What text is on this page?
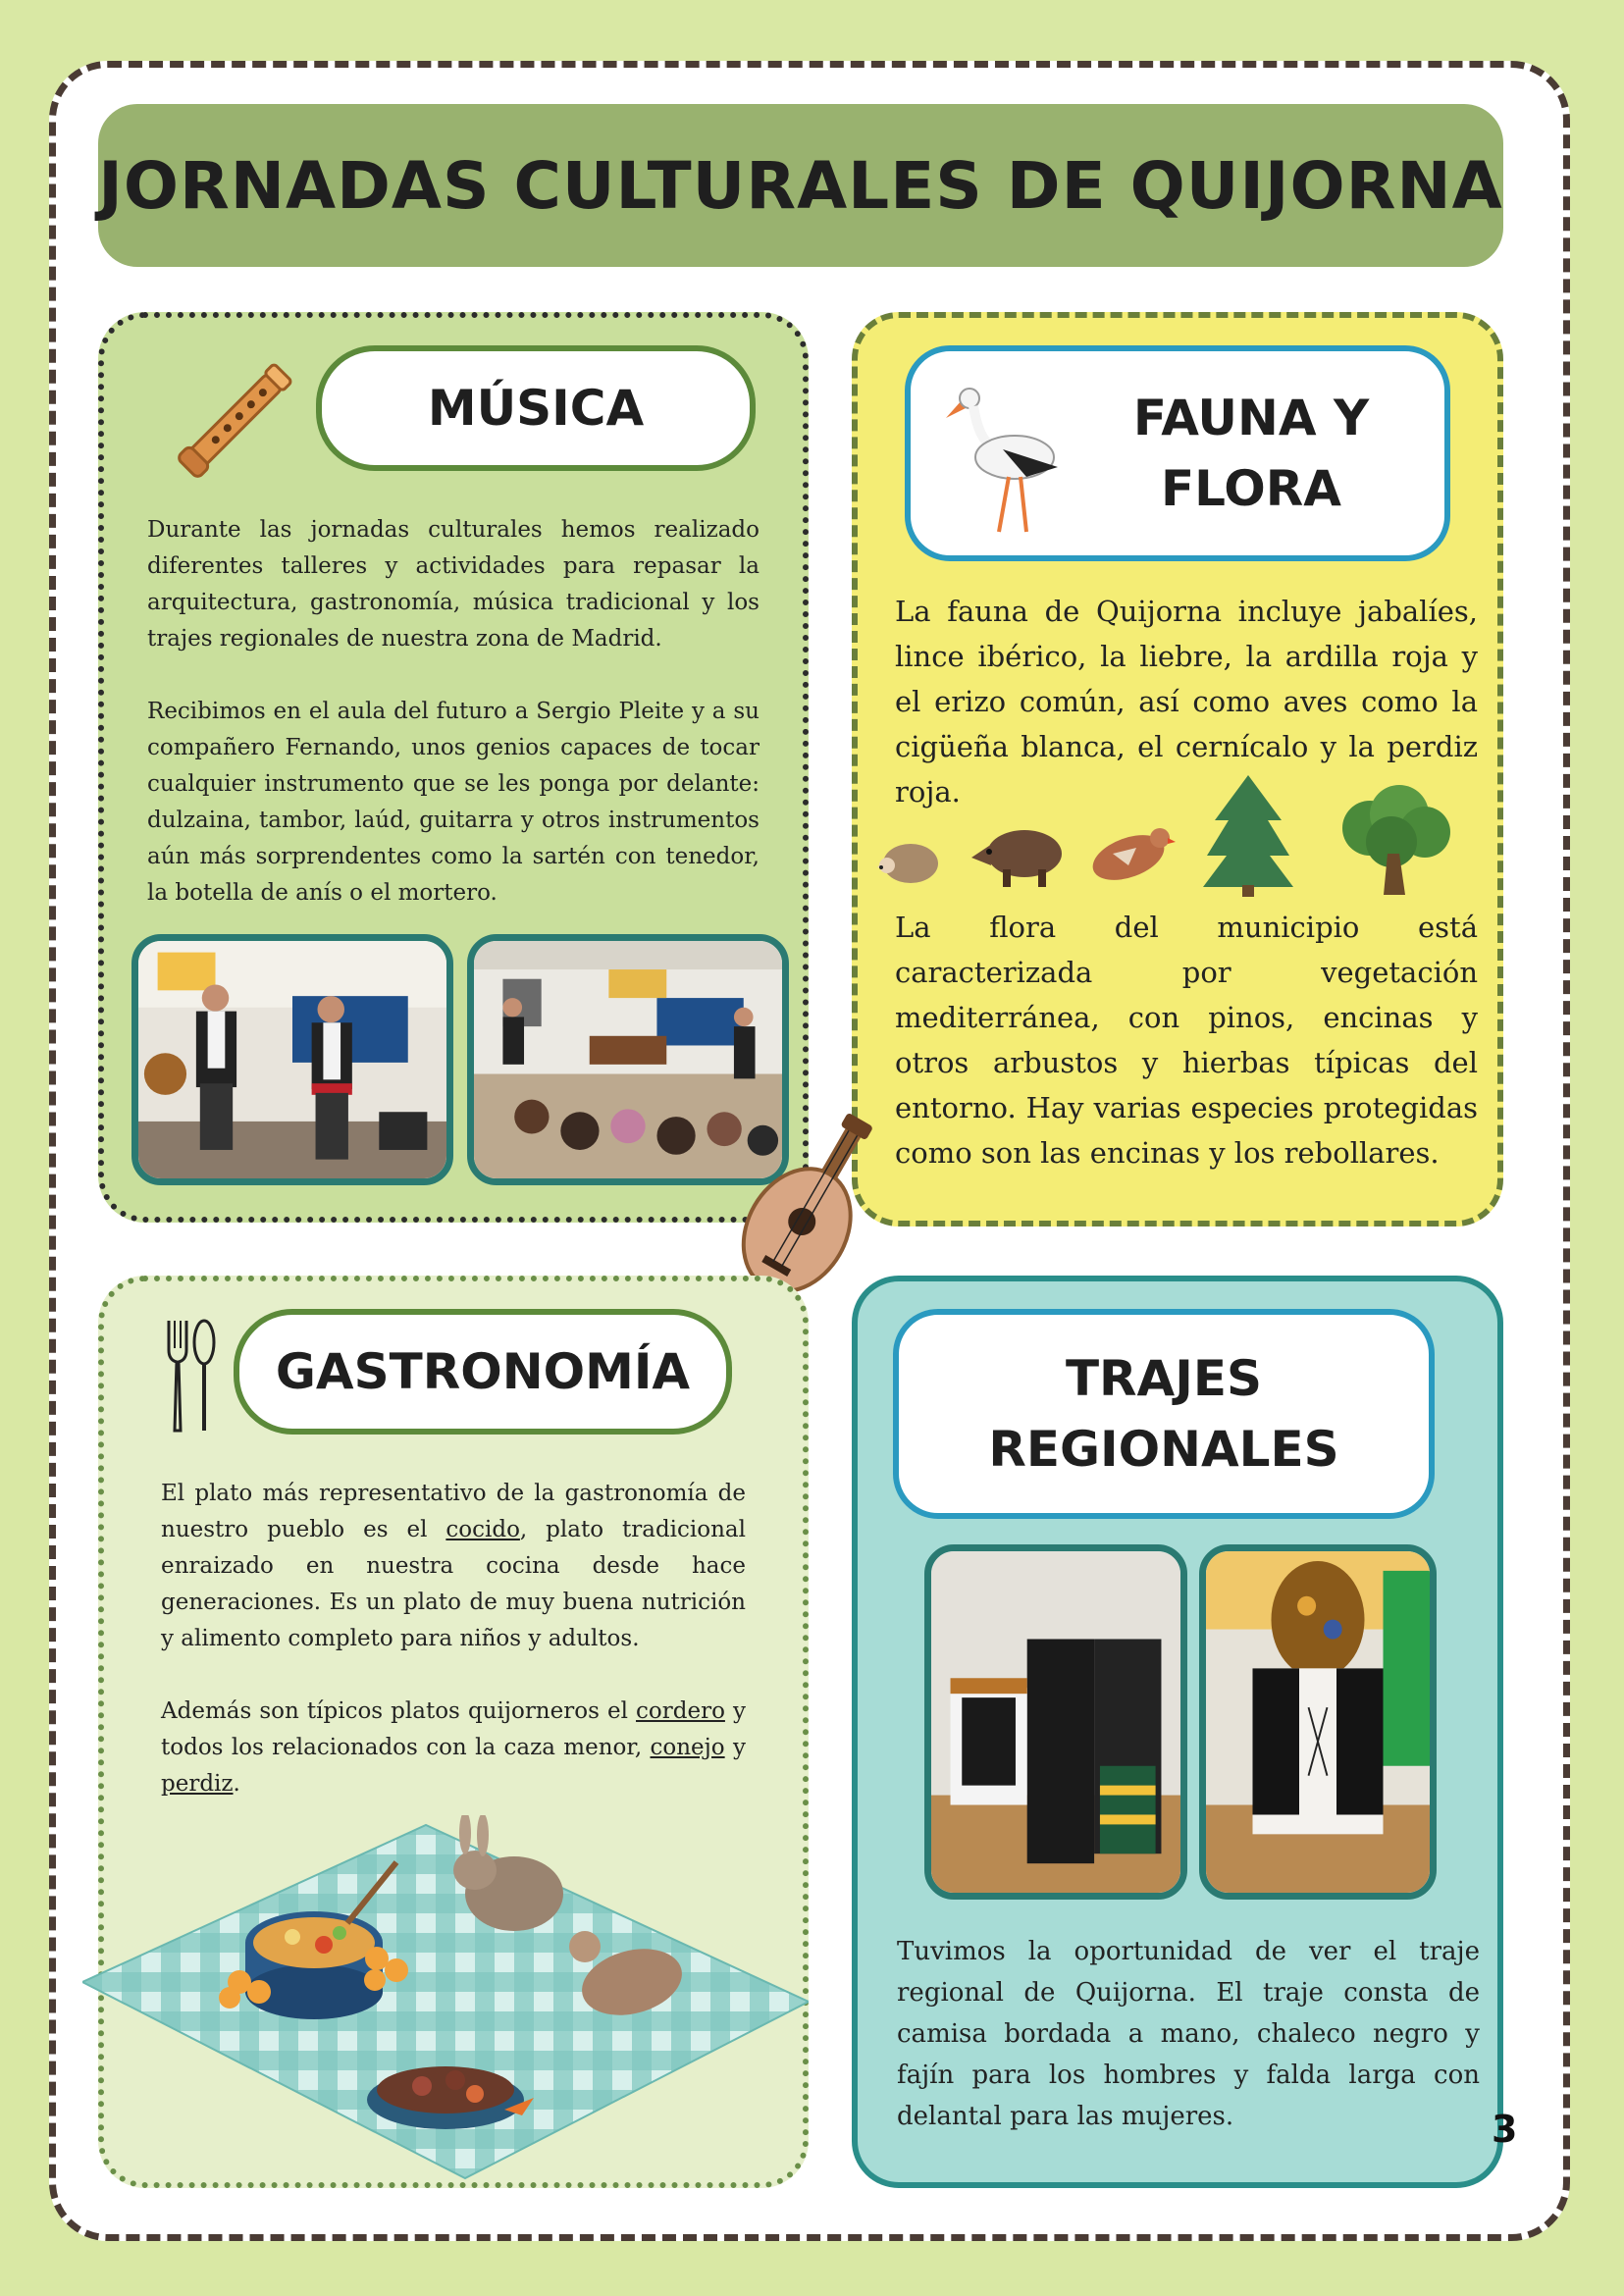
JORNADAS CULTURALES DE QUIJORNA
MÚSICA

Durante las jornadas culturales hemos realizado diferentes talleres y actividades para repasar la arquitectura, gastronomía, música tradicional y los trajes regionales de nuestra zona de Madrid.

Recibimos en el aula del futuro a Sergio Pleite y a su compañero Fernando, unos genios capaces de tocar cualquier instrumento que se les ponga por delante: dulzaina, tambor, laúd, guitarra y otros instrumentos aún más sorprendentes como la sartén con tenedor, la botella de anís o el mortero.

FAUNA Y
FLORA

La fauna de Quijorna incluye jabalíes, lince ibérico, la liebre, la ardilla roja y el erizo común, así como aves como la cigüeña blanca, el cernícalo y la perdiz roja.

La flora del municipio está caracterizada por vegetación mediterránea, con pinos, encinas y otros arbustos y hierbas típicas del entorno. Hay varias especies protegidas como son las encinas y los rebollares.

GASTRONOMÍA

El plato más representativo de la gastronomía de nuestro pueblo es el cocido, plato tradicional enraizado en nuestra cocina desde hace generaciones. Es un plato de muy buena nutrición y alimento completo para niños y adultos.

Además son típicos platos quijorneros el cordero y todos los relacionados con la caza menor, conejo y perdiz.

TRAJES
REGIONALES

Tuvimos la oportunidad de ver el traje regional de Quijorna. El traje consta de camisa bordada a mano, chaleco negro y fajín para los hombres y falda larga con delantal para las mujeres.	3
